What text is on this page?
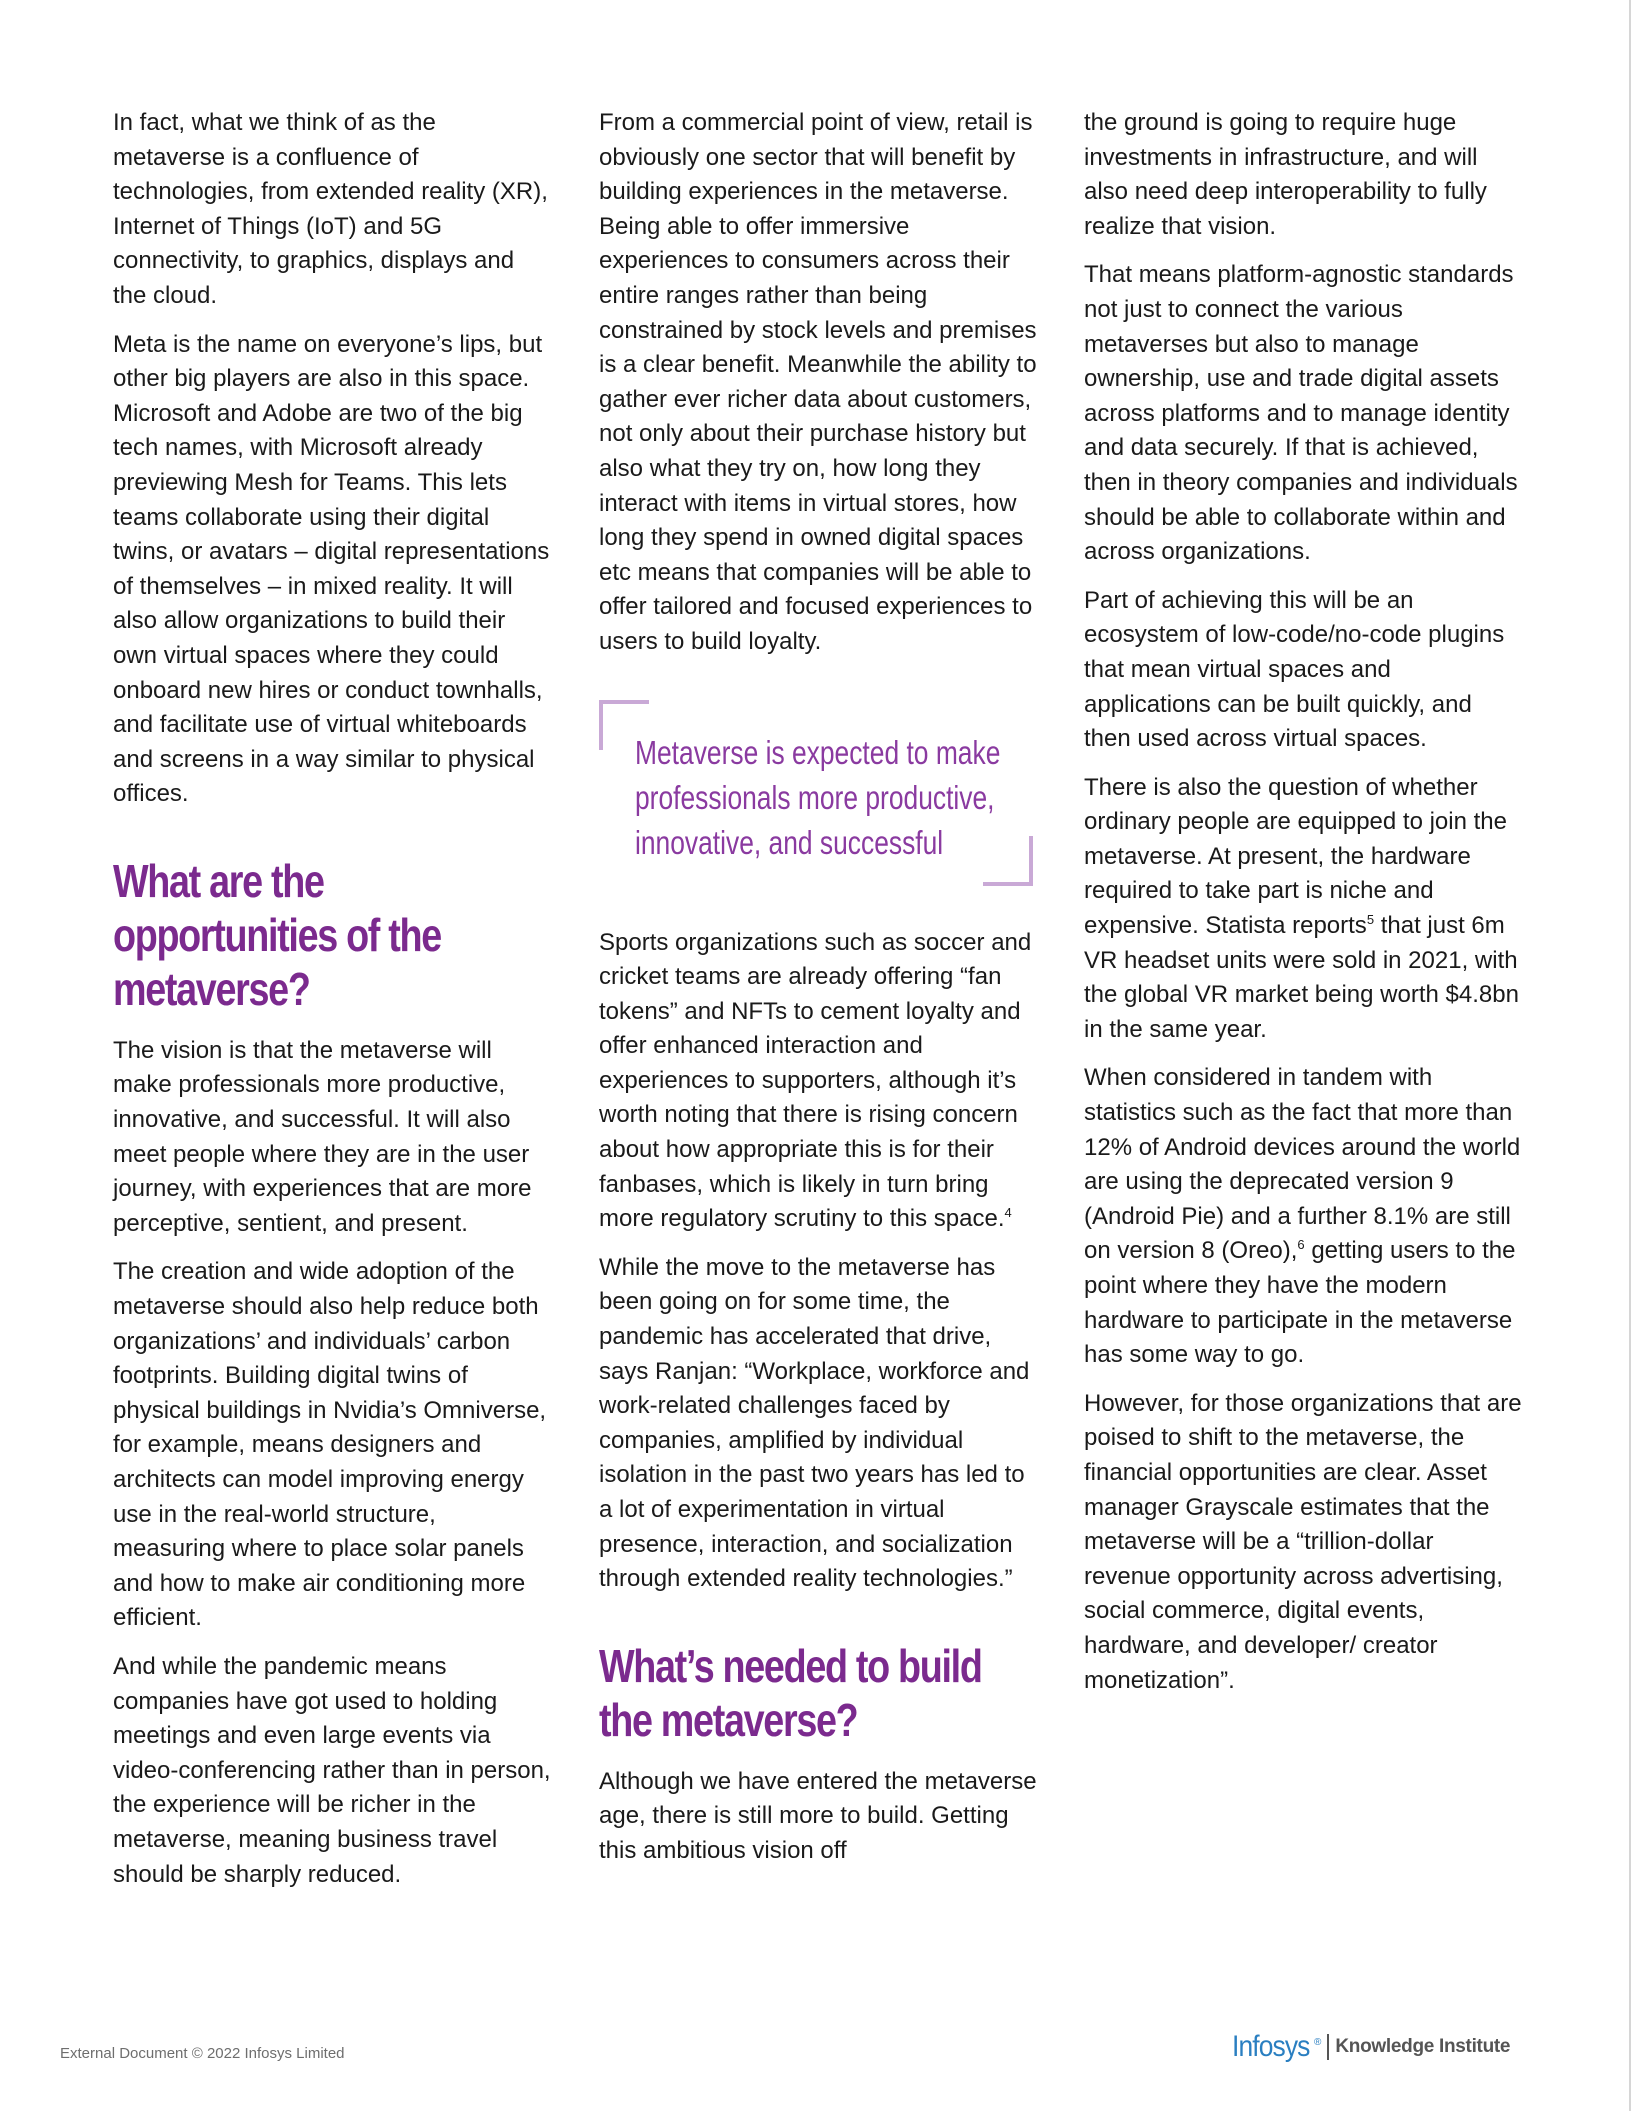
In fact, what we think of as the metaverse is a confluence of technologies, from extended reality (XR), Internet of Things (IoT) and 5G connectivity, to graphics, displays and the cloud.

Meta is the name on everyone’s lips, but other big players are also in this space. Microsoft and Adobe are two of the big tech names, with Microsoft already previewing Mesh for Teams. This lets teams collaborate using their digital twins, or avatars – digital representations of themselves – in mixed reality. It will also allow organizations to build their own virtual spaces where they could onboard new hires or conduct townhalls, and facilitate use of virtual whiteboards and screens in a way similar to physical offices.

What are the opportunities of the metaverse?

The vision is that the metaverse will make professionals more productive, innovative, and successful. It will also meet people where they are in the user journey, with experiences that are more perceptive, sentient, and present.

The creation and wide adoption of the metaverse should also help reduce both organizations’ and individuals’ carbon footprints. Building digital twins of physical buildings in Nvidia’s Omniverse, for example, means designers and architects can model improving energy use in the real-world structure, measuring where to place solar panels and how to make air conditioning more efficient.

And while the pandemic means companies have got used to holding meetings and even large events via video-conferencing rather than in person, the experience will be richer in the metaverse, meaning business travel should be sharply reduced.

From a commercial point of view, retail is obviously one sector that will benefit by building experiences in the metaverse. Being able to offer immersive experiences to consumers across their entire ranges rather than being constrained by stock levels and premises is a clear benefit. Meanwhile the ability to gather ever richer data about customers, not only about their purchase history but also what they try on, how long they interact with items in virtual stores, how long they spend in owned digital spaces etc means that companies will be able to offer tailored and focused experiences to users to build loyalty.

Metaverse is expected to make professionals more productive, innovative, and successful

Sports organizations such as soccer and cricket teams are already offering “fan tokens” and NFTs to cement loyalty and offer enhanced interaction and experiences to supporters, although it’s worth noting that there is rising concern about how appropriate this is for their fanbases, which is likely in turn bring more regulatory scrutiny to this space.$^4$

While the move to the metaverse has been going on for some time, the pandemic has accelerated that drive, says Ranjan: “Workplace, workforce and work-related challenges faced by companies, amplified by individual isolation in the past two years has led to a lot of experimentation in virtual presence, interaction, and socialization through extended reality technologies.”

What’s needed to build the metaverse?

Although we have entered the metaverse age, there is still more to build. Getting this ambitious vision off

the ground is going to require huge investments in infrastructure, and will also need deep interoperability to fully realize that vision.

That means platform-agnostic standards not just to connect the various metaverses but also to manage ownership, use and trade digital assets across platforms and to manage identity and data securely. If that is achieved, then in theory companies and individuals should be able to collaborate within and across organizations.

Part of achieving this will be an ecosystem of low-code/no-code plugins that mean virtual spaces and applications can be built quickly, and then used across virtual spaces.

There is also the question of whether ordinary people are equipped to join the metaverse. At present, the hardware required to take part is niche and expensive. Statista reports$^5$ that just 6m VR headset units were sold in 2021, with the global VR market being worth $4.8bn in the same year.

When considered in tandem with statistics such as the fact that more than 12% of Android devices around the world are using the deprecated version 9 (Android Pie) and a further 8.1% are still on version 8 (Oreo),$^6$ getting users to the point where they have the modern hardware to participate in the metaverse has some way to go.

However, for those organizations that are poised to shift to the metaverse, the financial opportunities are clear. Asset manager Grayscale estimates that the metaverse will be a “trillion-dollar revenue opportunity across advertising, social commerce, digital events, hardware, and developer/ creator monetization”.

External Document © 2022 Infosys Limited	Infosys ® Knowledge Institute
